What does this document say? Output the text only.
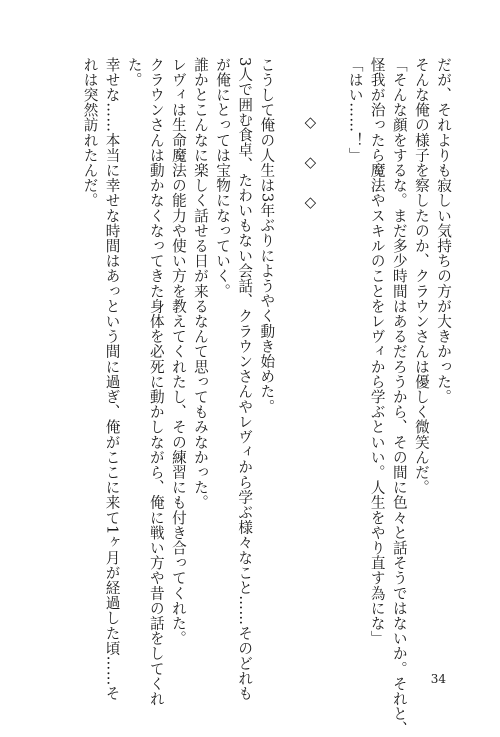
だが、それよりも寂しい気持ちの方が大きかった。
そんな俺の様子を察したのか、クラウンさんは優しく微笑んだ。
「そんな顔をするな。まだ多少時間はあるだろうから、その間に色々と話そうではないか。それと、
怪我が治ったら魔法やスキルのことをレヴィから学ぶといい。人生をやり直す為にな」
「はい……！」
◇◇◇
こうして俺の人生は3年ぶりにようやく動き始めた。
3人で囲む食卓、たわいもない会話、クラウンさんやレヴィから学ぶ様々なこと……そのどれも
が俺にとっては宝物になっていく。
誰かとこんなに楽しく話せる日が来るなんて思ってもみなかった。
レヴィは生命魔法の能力や使い方を教えてくれたし、その練習にも付き合ってくれた。
クラウンさんは動かなくなってきた身体を必死に動かしながら、俺に戦い方や昔の話をしてくれ
た。
幸せな……本当に幸せな時間はあっという間に過ぎ、俺がここに来て1ヶ月が経過した頃……そ
れは突然訪れたんだ。
34
